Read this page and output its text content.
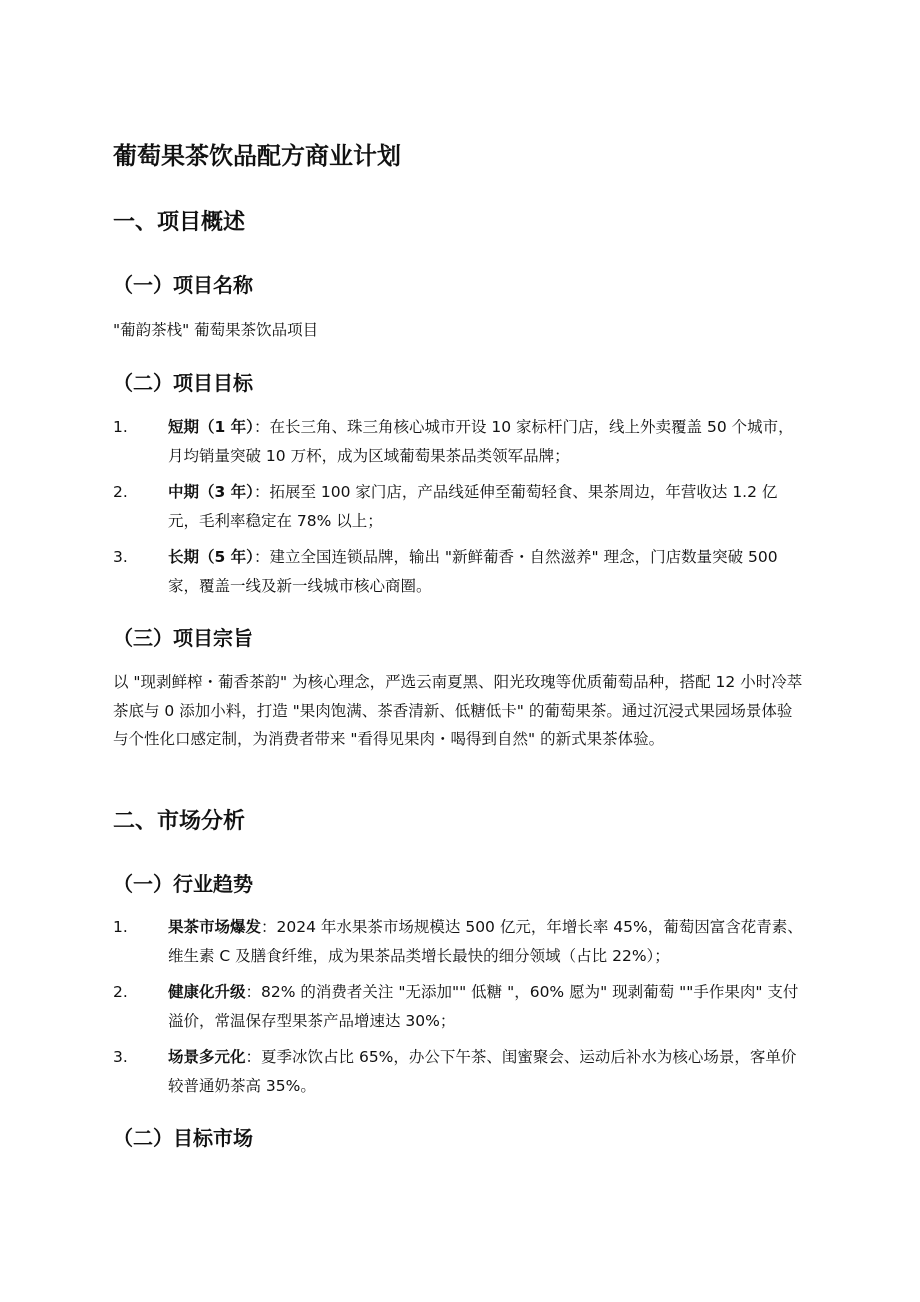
葡萄果茶饮品配方商业计划
一、项目概述
（一）项目名称

"葡韵茶栈" 葡萄果茶饮品项目

（二）项目目标
1.	短期（1 年）：在长三角、珠三角核心城市开设 10 家标杆门店，线上外卖覆盖 50 个城市，月均销量突破 10 万杯，成为区域葡萄果茶品类领军品牌；
2.	中期（3 年）：拓展至 100 家门店，产品线延伸至葡萄轻食、果茶周边，年营收达 1.2 亿元，毛利率稳定在 78% 以上；
3.	长期（5 年）：建立全国连锁品牌，输出 "新鲜葡香・自然滋养" 理念，门店数量突破 500 家，覆盖一线及新一线城市核心商圈。
（三）项目宗旨

以 "现剥鲜榨・葡香茶韵" 为核心理念，严选云南夏黑、阳光玫瑰等优质葡萄品种，搭配 12 小时冷萃茶底与 0 添加小料，打造 "果肉饱满、茶香清新、低糖低卡" 的葡萄果茶。通过沉浸式果园场景体验与个性化口感定制，为消费者带来 "看得见果肉・喝得到自然" 的新式果茶体验。

二、市场分析
（一）行业趋势
1.	果茶市场爆发：2024 年水果茶市场规模达 500 亿元，年增长率 45%，葡萄因富含花青素、维生素 C 及膳食纤维，成为果茶品类增长最快的细分领域（占比 22%）；
2.	健康化升级：82% 的消费者关注 "无添加"" 低糖 "，60% 愿为" 现剥葡萄 ""手作果肉" 支付溢价，常温保存型果茶产品增速达 30%；
3.	场景多元化：夏季冰饮占比 65%，办公下午茶、闺蜜聚会、运动后补水为核心场景，客单价较普通奶茶高 35%。
（二）目标市场
